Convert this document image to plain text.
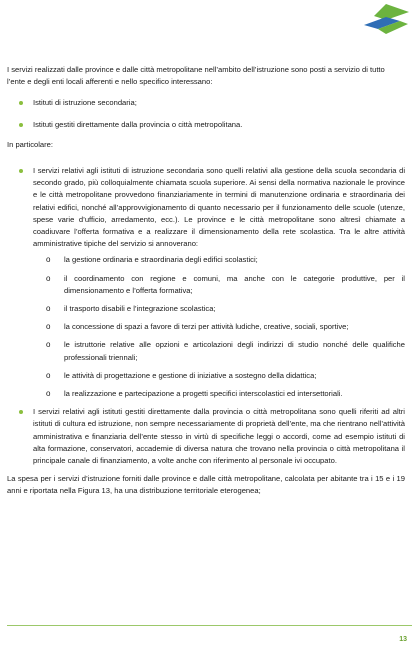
I servizi realizzati dalle province e dalle città metropolitane nell’ambito dell’istruzione sono posti a servizio di tutto l’ente e degli enti locali afferenti e nello specifico interessano:

Istituti di istruzione secondaria;
Istituti gestiti direttamente dalla provincia o città metropolitana.

In particolare:

I servizi relativi agli istituti di istruzione secondaria sono quelli relativi alla gestione della scuola secondaria di secondo grado, più colloquialmente chiamata scuola superiore. Ai sensi della normativa nazionale le province e le città metropolitane provvedono finanziariamente in termini di manutenzione ordinaria e straordinaria dei relativi edifici, nonché all’approvvigionamento di quanto necessario per il funzionamento delle scuole (utenze, spese varie d’ufficio, arredamento, ecc.). Le province e le città metropolitane sono altresì chiamate a coadiuvare l’offerta formativa e a realizzare il dimensionamento della rete scolastica. Tra le altre attività amministrative tipiche del servizio si annoverano:

o la gestione ordinaria e straordinaria degli edifici scolastici;
o il coordinamento con regione e comuni, ma anche con le categorie produttive, per il dimensionamento e l’offerta formativa;
o il trasporto disabili e l’integrazione scolastica;
o la concessione di spazi a favore di terzi per attività ludiche, creative, sociali, sportive;
o le istruttorie relative alle opzioni e articolazioni degli indirizzi di studio nonché delle qualifiche professionali triennali;
o le attività di progettazione e gestione di iniziative a sostegno della didattica;
o la realizzazione e partecipazione a progetti specifici interscolastici ed intersettoriali.

I servizi relativi agli istituti gestiti direttamente dalla provincia o città metropolitana sono quelli riferiti ad altri istituti di cultura ed istruzione, non sempre necessariamente di proprietà dell’ente, ma che rientrano nell’attività amministrativa e finanziaria dell’ente stesso in virtù di specifiche leggi o accordi, come ad esempio istituti di alta formazione, conservatori, accademie di diversa natura che trovano nella provincia o città metropolitana il principale canale di finanziamento, a volte anche con riferimento al personale ivi occupato.

La spesa per i servizi d’istruzione forniti dalle province e dalle città metropolitane, calcolata per abitante tra i 15 e i 19 anni e riportata nella Figura 13, ha una distribuzione territoriale eterogenea;

13
